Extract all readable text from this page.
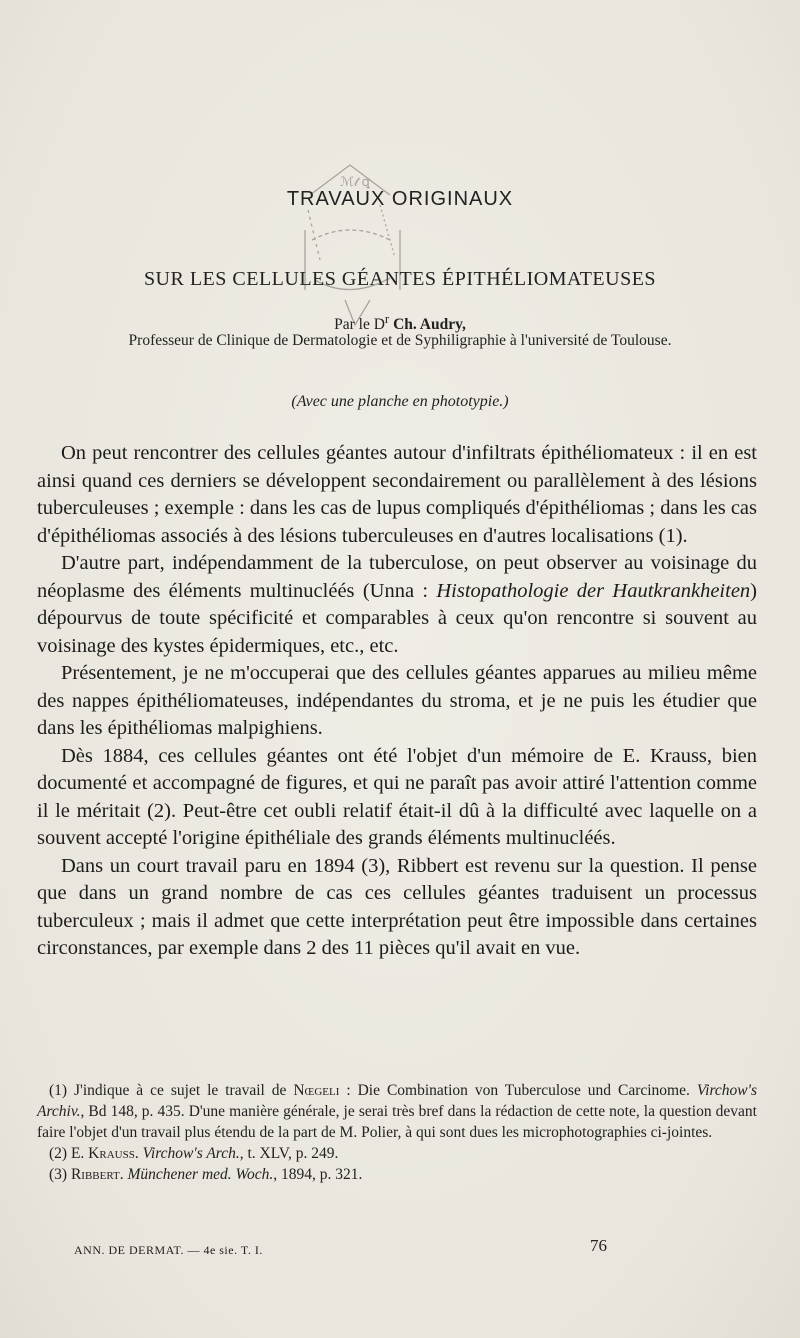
ℳ𝓉 ꝗ
TRAVAUX ORIGINAUX
SUR LES CELLULES GÉANTES ÉPITHÉLIOMATEUSES
Par le $D^r$ Ch. Audry,
Professeur de Clinique de Dermatologie et de Syphiligraphie à l'université de Toulouse.
(Avec une planche en phototypie.)

On peut rencontrer des cellules géantes autour d'infiltrats épithéliomateux : il en est ainsi quand ces derniers se développent secondairement ou parallèlement à des lésions tuberculeuses ; exemple : dans les cas de lupus compliqués d'épithéliomas ; dans les cas d'épithéliomas associés à des lésions tuberculeuses en d'autres localisations (1).

D'autre part, indépendamment de la tuberculose, on peut observer au voisinage du néoplasme des éléments multinucléés (Unna : Histopathologie der Hautkrankheiten) dépourvus de toute spécificité et comparables à ceux qu'on rencontre si souvent au voisinage des kystes épidermiques, etc., etc.

Présentement, je ne m'occuperai que des cellules géantes apparues au milieu même des nappes épithéliomateuses, indépendantes du stroma, et je ne puis les étudier que dans les épithéliomas malpighiens.

Dès 1884, ces cellules géantes ont été l'objet d'un mémoire de E. Krauss, bien documenté et accompagné de figures, et qui ne paraît pas avoir attiré l'attention comme il le méritait (2). Peut-être cet oubli relatif était-il dû à la difficulté avec laquelle on a souvent accepté l'origine épithéliale des grands éléments multinucléés.

Dans un court travail paru en 1894 (3), Ribbert est revenu sur la question. Il pense que dans un grand nombre de cas ces cellules géantes traduisent un processus tuberculeux ; mais il admet que cette interprétation peut être impossible dans certaines circonstances, par exemple dans 2 des 11 pièces qu'il avait en vue.

(1) J'indique à ce sujet le travail de Nœgeli : Die Combination von Tuberculose und Carcinome. Virchow's Archiv., Bd 148, p. 435. D'une manière générale, je serai très bref dans la rédaction de cette note, la question devant faire l'objet d'un travail plus étendu de la part de M. Polier, à qui sont dues les microphotographies ci-jointes.

(2) E. Krauss. Virchow's Arch., t. XLV, p. 249.

(3) Ribbert. Münchener med. Woch., 1894, p. 321.

ANN. DE DERMAT. — 4e sie. T. I.	76
